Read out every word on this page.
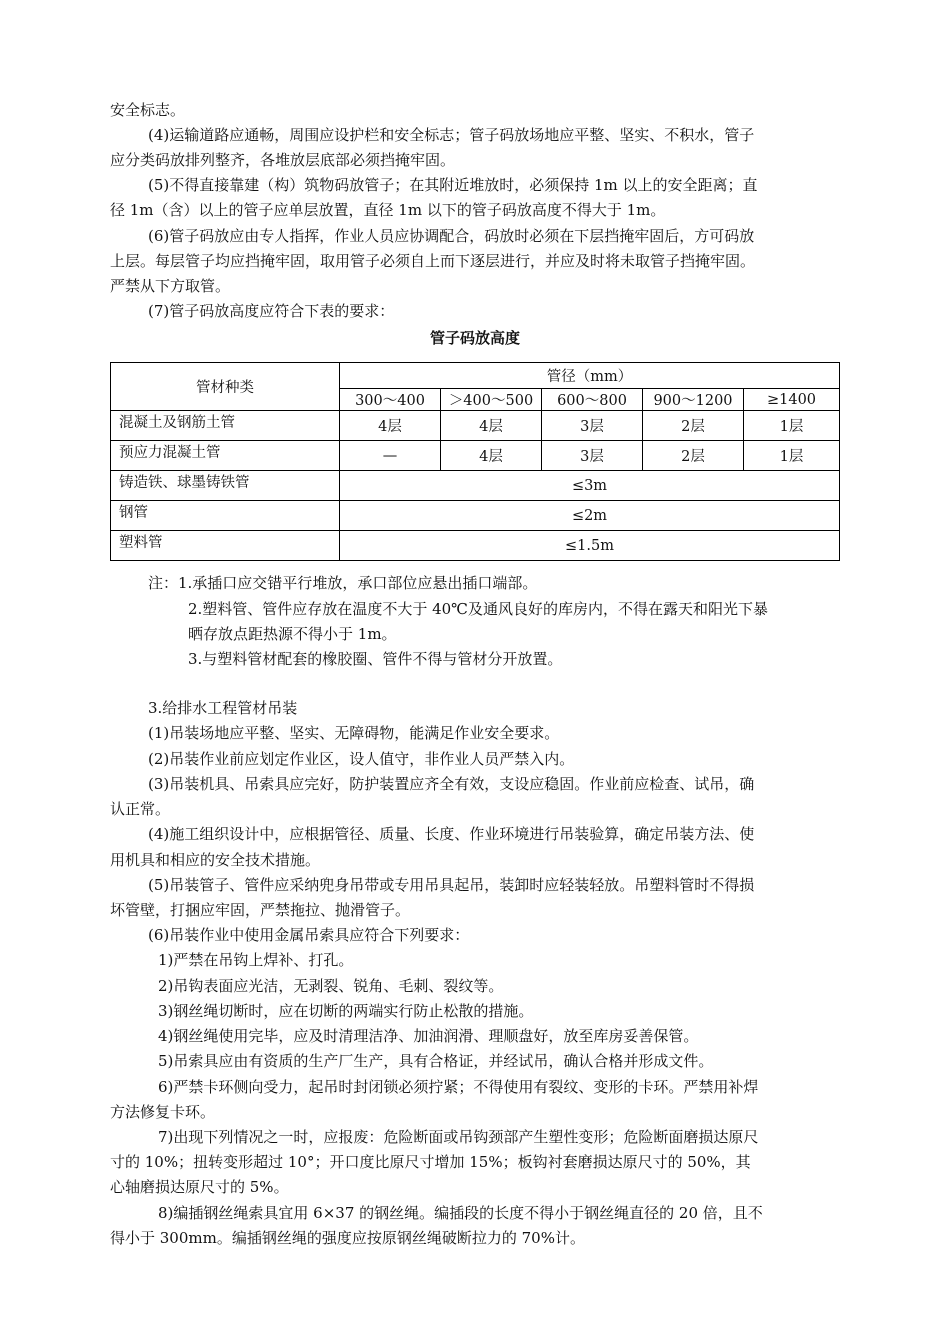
安全标志。
(4)运输道路应通畅，周围应设护栏和安全标志；管子码放场地应平整、坚实、不积水，管子
应分类码放排列整齐，各堆放层底部必须挡掩牢固。
(5)不得直接靠建（构）筑物码放管子；在其附近堆放时，必须保持 1m 以上的安全距离；直
径 1m（含）以上的管子应单层放置，直径 1m 以下的管子码放高度不得大于 1m。
(6)管子码放应由专人指挥，作业人员应协调配合，码放时必须在下层挡掩牢固后，方可码放
上层。每层管子均应挡掩牢固，取用管子必须自上而下逐层进行，并应及时将未取管子挡掩牢固。
严禁从下方取管。
(7)管子码放高度应符合下表的要求：
管子码放高度
管材种类	管径（mm）				
	300～400	＞400～500	600～800	900～1200	≥1400
混凝土及钢筋土管	4层	4层	3层	2层	1层
预应力混凝土管	—	4层	3层	2层	1层
铸造铁、球墨铸铁管	≤3m				
钢管	≤2m				
塑料管	≤1.5m				
注：1.承插口应交错平行堆放，承口部位应悬出插口端部。
2.塑料管、管件应存放在温度不大于 40℃及通风良好的库房内，不得在露天和阳光下暴
晒存放点距热源不得小于 1m。
3.与塑料管材配套的橡胶圈、管件不得与管材分开放置。
3.给排水工程管材吊装
(1)吊装场地应平整、坚实、无障碍物，能满足作业安全要求。
(2)吊装作业前应划定作业区，设人值守，非作业人员严禁入内。
(3)吊装机具、吊索具应完好，防护装置应齐全有效，支设应稳固。作业前应检查、试吊，确
认正常。
(4)施工组织设计中，应根据管径、质量、长度、作业环境进行吊装验算，确定吊装方法、使
用机具和相应的安全技术措施。
(5)吊装管子、管件应采纳兜身吊带或专用吊具起吊，装卸时应轻装轻放。吊塑料管时不得损
坏管壁，打捆应牢固，严禁拖拉、抛滑管子。
(6)吊装作业中使用金属吊索具应符合下列要求：
1)严禁在吊钩上焊补、打孔。
2)吊钩表面应光洁，无剥裂、锐角、毛刺、裂纹等。
3)钢丝绳切断时，应在切断的两端实行防止松散的措施。
4)钢丝绳使用完毕，应及时清理洁净、加油润滑、理顺盘好，放至库房妥善保管。
5)吊索具应由有资质的生产厂生产，具有合格证，并经试吊，确认合格并形成文件。
6)严禁卡环侧向受力，起吊时封闭锁必须拧紧；不得使用有裂纹、变形的卡环。严禁用补焊
方法修复卡环。
7)出现下列情况之一时，应报废：危险断面或吊钩颈部产生塑性变形；危险断面磨损达原尺
寸的 10%；扭转变形超过 10°；开口度比原尺寸增加 15%；板钩衬套磨损达原尺寸的 50%，其
心轴磨损达原尺寸的 5%。
8)编插钢丝绳索具宜用 6×37 的钢丝绳。编插段的长度不得小于钢丝绳直径的 20 倍，且不
得小于 300mm。编插钢丝绳的强度应按原钢丝绳破断拉力的 70%计。
